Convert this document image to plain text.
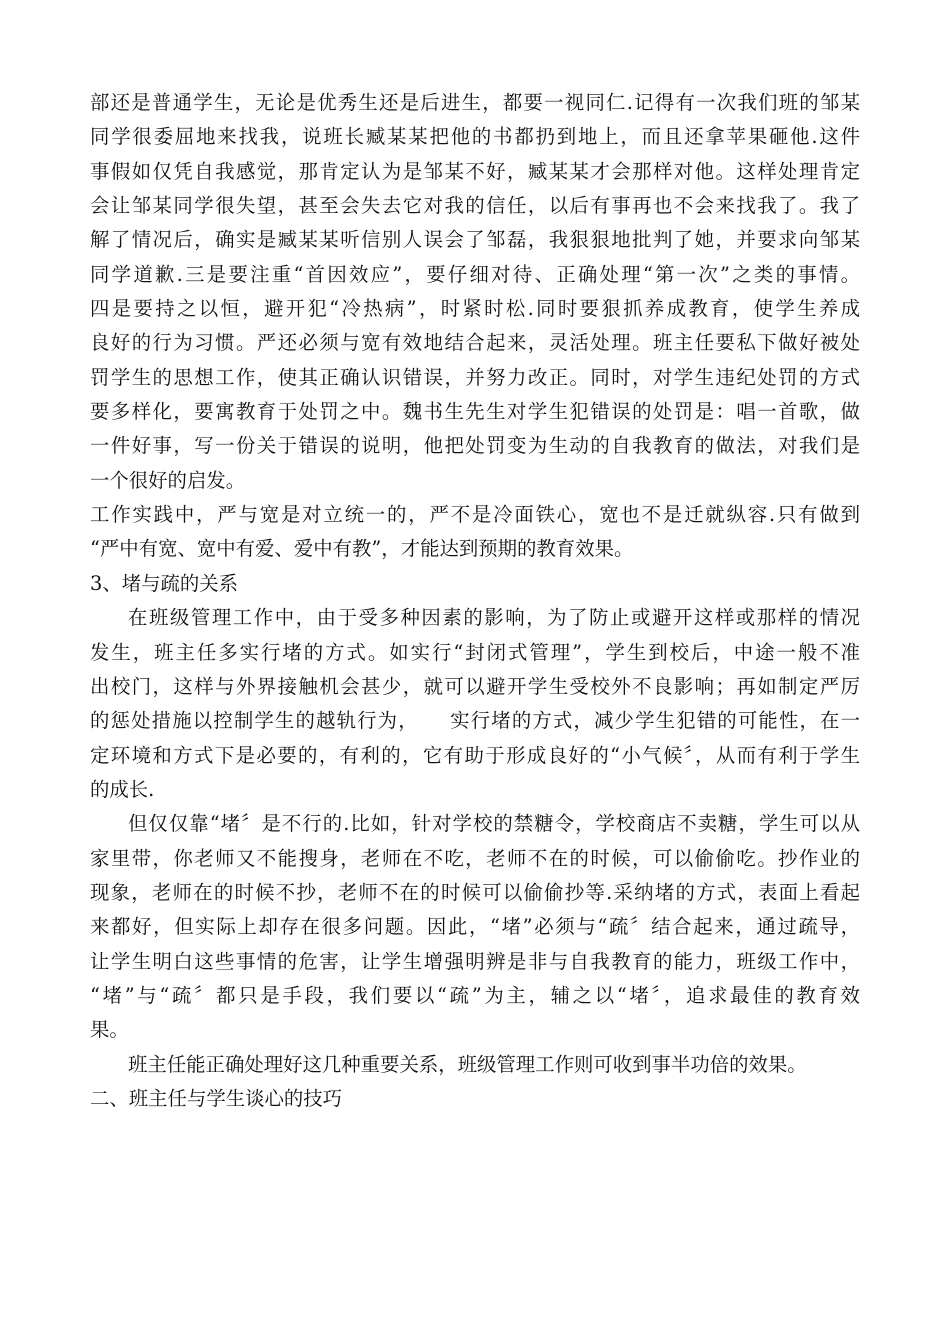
部还是普通学生，无论是优秀生还是后进生，都要一视同仁.记得有一次我们班的邹某
同学很委屈地来找我，说班长臧某某把他的书都扔到地上，而且还拿苹果砸他.这件
事假如仅凭自我感觉，那肯定认为是邹某不好，臧某某才会那样对他。这样处理肯定
会让邹某同学很失望，甚至会失去它对我的信任，以后有事再也不会来找我了。我了
解了情况后，确实是臧某某听信别人误会了邹磊，我狠狠地批判了她，并要求向邹某
同学道歉.三是要注重“首因效应”，要仔细对待、正确处理“第一次”之类的事情。
四是要持之以恒，避开犯“冷热病”，时紧时松.同时要狠抓养成教育，使学生养成
良好的行为习惯。严还必须与宽有效地结合起来，灵活处理。班主任要私下做好被处
罚学生的思想工作，使其正确认识错误，并努力改正。同时，对学生违纪处罚的方式
要多样化，要寓教育于处罚之中。魏书生先生对学生犯错误的处罚是：唱一首歌，做
一件好事，写一份关于错误的说明，他把处罚变为生动的自我教育的做法，对我们是
一个很好的启发。
工作实践中，严与宽是对立统一的，严不是冷面铁心，宽也不是迁就纵容.只有做到
“严中有宽、宽中有爱、爱中有教”，才能达到预期的教育效果。
3、堵与疏的关系
在班级管理工作中，由于受多种因素的影响，为了防止或避开这样或那样的情况
发生，班主任多实行堵的方式。如实行“封闭式管理”，学生到校后，中途一般不准
出校门，这样与外界接触机会甚少，就可以避开学生受校外不良影响；再如制定严厉
的惩处措施以控制学生的越轨行为，　　实行堵的方式，减少学生犯错的可能性，在一
定环境和方式下是必要的，有利的，它有助于形成良好的“小气候〞，从而有利于学生
的成长.
但仅仅靠“堵〞是不行的.比如，针对学校的禁糖令，学校商店不卖糖，学生可以从
家里带，你老师又不能搜身，老师在不吃，老师不在的时候，可以偷偷吃。抄作业的
现象，老师在的时候不抄，老师不在的时候可以偷偷抄等.采纳堵的方式，表面上看起
来都好，但实际上却存在很多问题。因此，“堵”必须与“疏〞结合起来，通过疏导，
让学生明白这些事情的危害，让学生增强明辨是非与自我教育的能力，班级工作中，
“堵”与“疏〞都只是手段，我们要以“疏”为主，辅之以“堵〞，追求最佳的教育效
果。
班主任能正确处理好这几种重要关系，班级管理工作则可收到事半功倍的效果。
二、班主任与学生谈心的技巧
